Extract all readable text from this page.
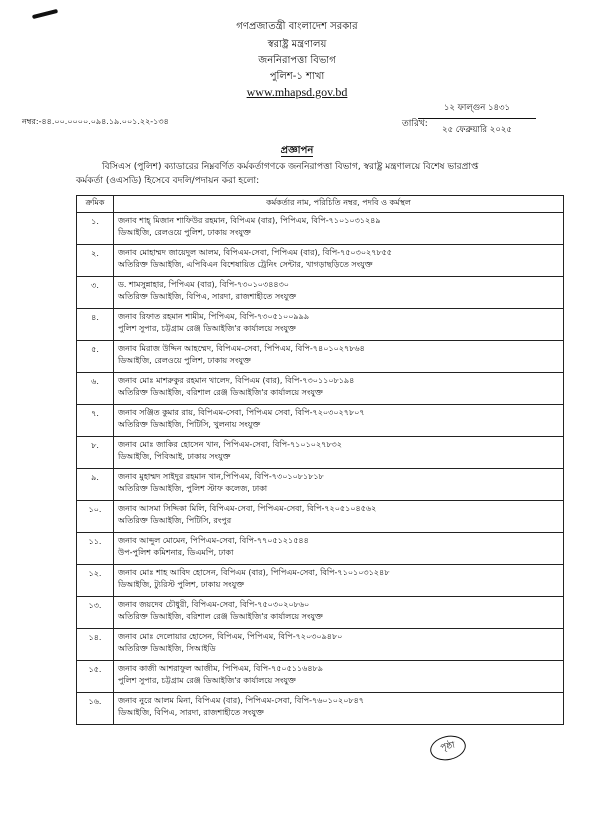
গণপ্রজাতন্ত্রী বাংলাদেশ সরকার
স্বরাষ্ট্র মন্ত্রণালয়
জননিরাপত্তা বিভাগ
পুলিশ-১ শাখা
www.mhapsd.gov.bd
নম্বর:-৪৪.০০.০০০০.০৯৪.১৯.০০১.২২-১৩৪	তারিখ:
১২ ফাল্গুন ১৪৩১
২৫ ফেব্রুয়ারি ২০২৫
প্রজ্ঞাপন
বিসিএস (পুলিশ) ক্যাডারের নিম্নবর্ণিত কর্মকর্তাগণকে জননিরাপত্তা বিভাগ, স্বরাষ্ট্র মন্ত্রণালয়ে বিশেষ ভারপ্রাপ্ত
কর্মকর্তা (ওএসডি) হিসেবে বদলি/পদায়ন করা হলো:
ক্রমিক	কর্মকর্তার নাম, পরিচিতি নম্বর, পদবি ও কর্মস্থল
১.	জনাব শাহ্ মিজান শাফিউর রহমান, বিপিএম (বার), পিপিএম, বিপি-৭১০১০৩১২৪৯
ডিআইজি, রেলওয়ে পুলিশ, ঢাকায় সংযুক্ত

২.	জনাব মোহাম্মদ জায়েদুল আলম, বিপিএম-সেবা, পিপিএম (বার), বিপি-৭৫০৩০২৭৮৫৫
অতিরিক্ত ডিআইজি, এপিবিএন বিশেষায়িত ট্রেনিং সেন্টার, খাগড়াছড়িতে সংযুক্ত

৩.	ড. শামসুন্নাহার, পিপিএম (বার), বিপি-৭৩০১০৩৪৪৩০
অতিরিক্ত ডিআইজি, বিপিএ, সারদা, রাজশাহীতে সংযুক্ত

৪.	জনাব রিফাত রহমান শামীম, পিপিএম, বিপি-৭৩০৫১০০৯৯৯
পুলিশ সুপার, চট্টগ্রাম রেঞ্জ ডিআইজি'র কার্যালয়ে সংযুক্ত

৫.	জনাব মিরাজ উদ্দিন আহম্মেদ, বিপিএম-সেবা, পিপিএম, বিপি-৭৪০১০২৭৮৬৪
ডিআইজি, রেলওয়ে পুলিশ, ঢাকায় সংযুক্ত

৬.	জনাব মোঃ মাশরুকুর রহমান খালেদ, বিপিএম (বার), বিপি-৭৩০১১০৮১৯৪
অতিরিক্ত ডিআইজি, বরিশাল রেঞ্জ ডিআইজি'র কার্যালয়ে সংযুক্ত

৭.	জনাব সঞ্জিত কুমার রায়, বিপিএম-সেবা, পিপিএম সেবা, বিপি-৭২০৩০২৭৮০৭
অতিরিক্ত ডিআইজি, পিটিসি, খুলনায় সংযুক্ত

৮.	জনাব মোঃ জাকির হোসেন খান, পিপিএম-সেবা, বিপি-৭১০১০২৭৮৩২
ডিআইজি, পিবিআই, ঢাকায় সংযুক্ত

৯.	জনাব মুহাম্মদ সাইদুর রহমান খান,পিপিএম, বিপি-৭৩০১০৮১৮১৮
অতিরিক্ত ডিআইজি, পুলিশ স্টাফ কলেজ, ঢাকা

১০.	জনাব আসমা সিদ্দিকা মিলি, বিপিএম-সেবা, পিপিএম-সেবা, বিপি-৭২০৫১০৪৫৬২
অতিরিক্ত ডিআইজি, পিটিসি, রংপুর

১১.	জনাব আব্দুল মোমেন, পিপিএম-সেবা, বিপি-৭৭০৫১২১৫৪৪
উপ-পুলিশ কমিশনার, ডিএমপি, ঢাকা

১২.	জনাব মোঃ শাহ আবিদ হোসেন, বিপিএম (বার), পিপিএম-সেবা, বিপি-৭১০১০৩১২৪৮
ডিআইজি, ট্যুরিস্ট পুলিশ, ঢাকায় সংযুক্ত

১৩.	জনাব জয়দেব চৌধুরী, বিপিএম-সেবা, বিপি-৭৫০৩০২০৮৬০
অতিরিক্ত ডিআইজি, বরিশাল রেঞ্জ ডিআইজি'র কার্যালয়ে সংযুক্ত

১৪.	জনাব মোঃ দেলোয়ার হোসেন, বিপিএম, পিপিএম, বিপি-৭২০৩০৯৪৮০
অতিরিক্ত ডিআইজি, সিআইডি

১৫.	জনাব কাজী আশরাফুল আজীম, পিপিএম, বিপি-৭৫০৫১১৬৪৮৯
পুলিশ সুপার, চট্টগ্রাম রেঞ্জ ডিআইজি'র কার্যালয়ে সংযুক্ত

১৬.	জনাব নুরে আলম মিনা, বিপিএম (বার), পিপিএম-সেবা, বিপি-৭৬০১০২০৮৪৭
ডিআইজি, বিপিএ, সারদা, রাজশাহীতে সংযুক্ত
পৃষ্ঠা
